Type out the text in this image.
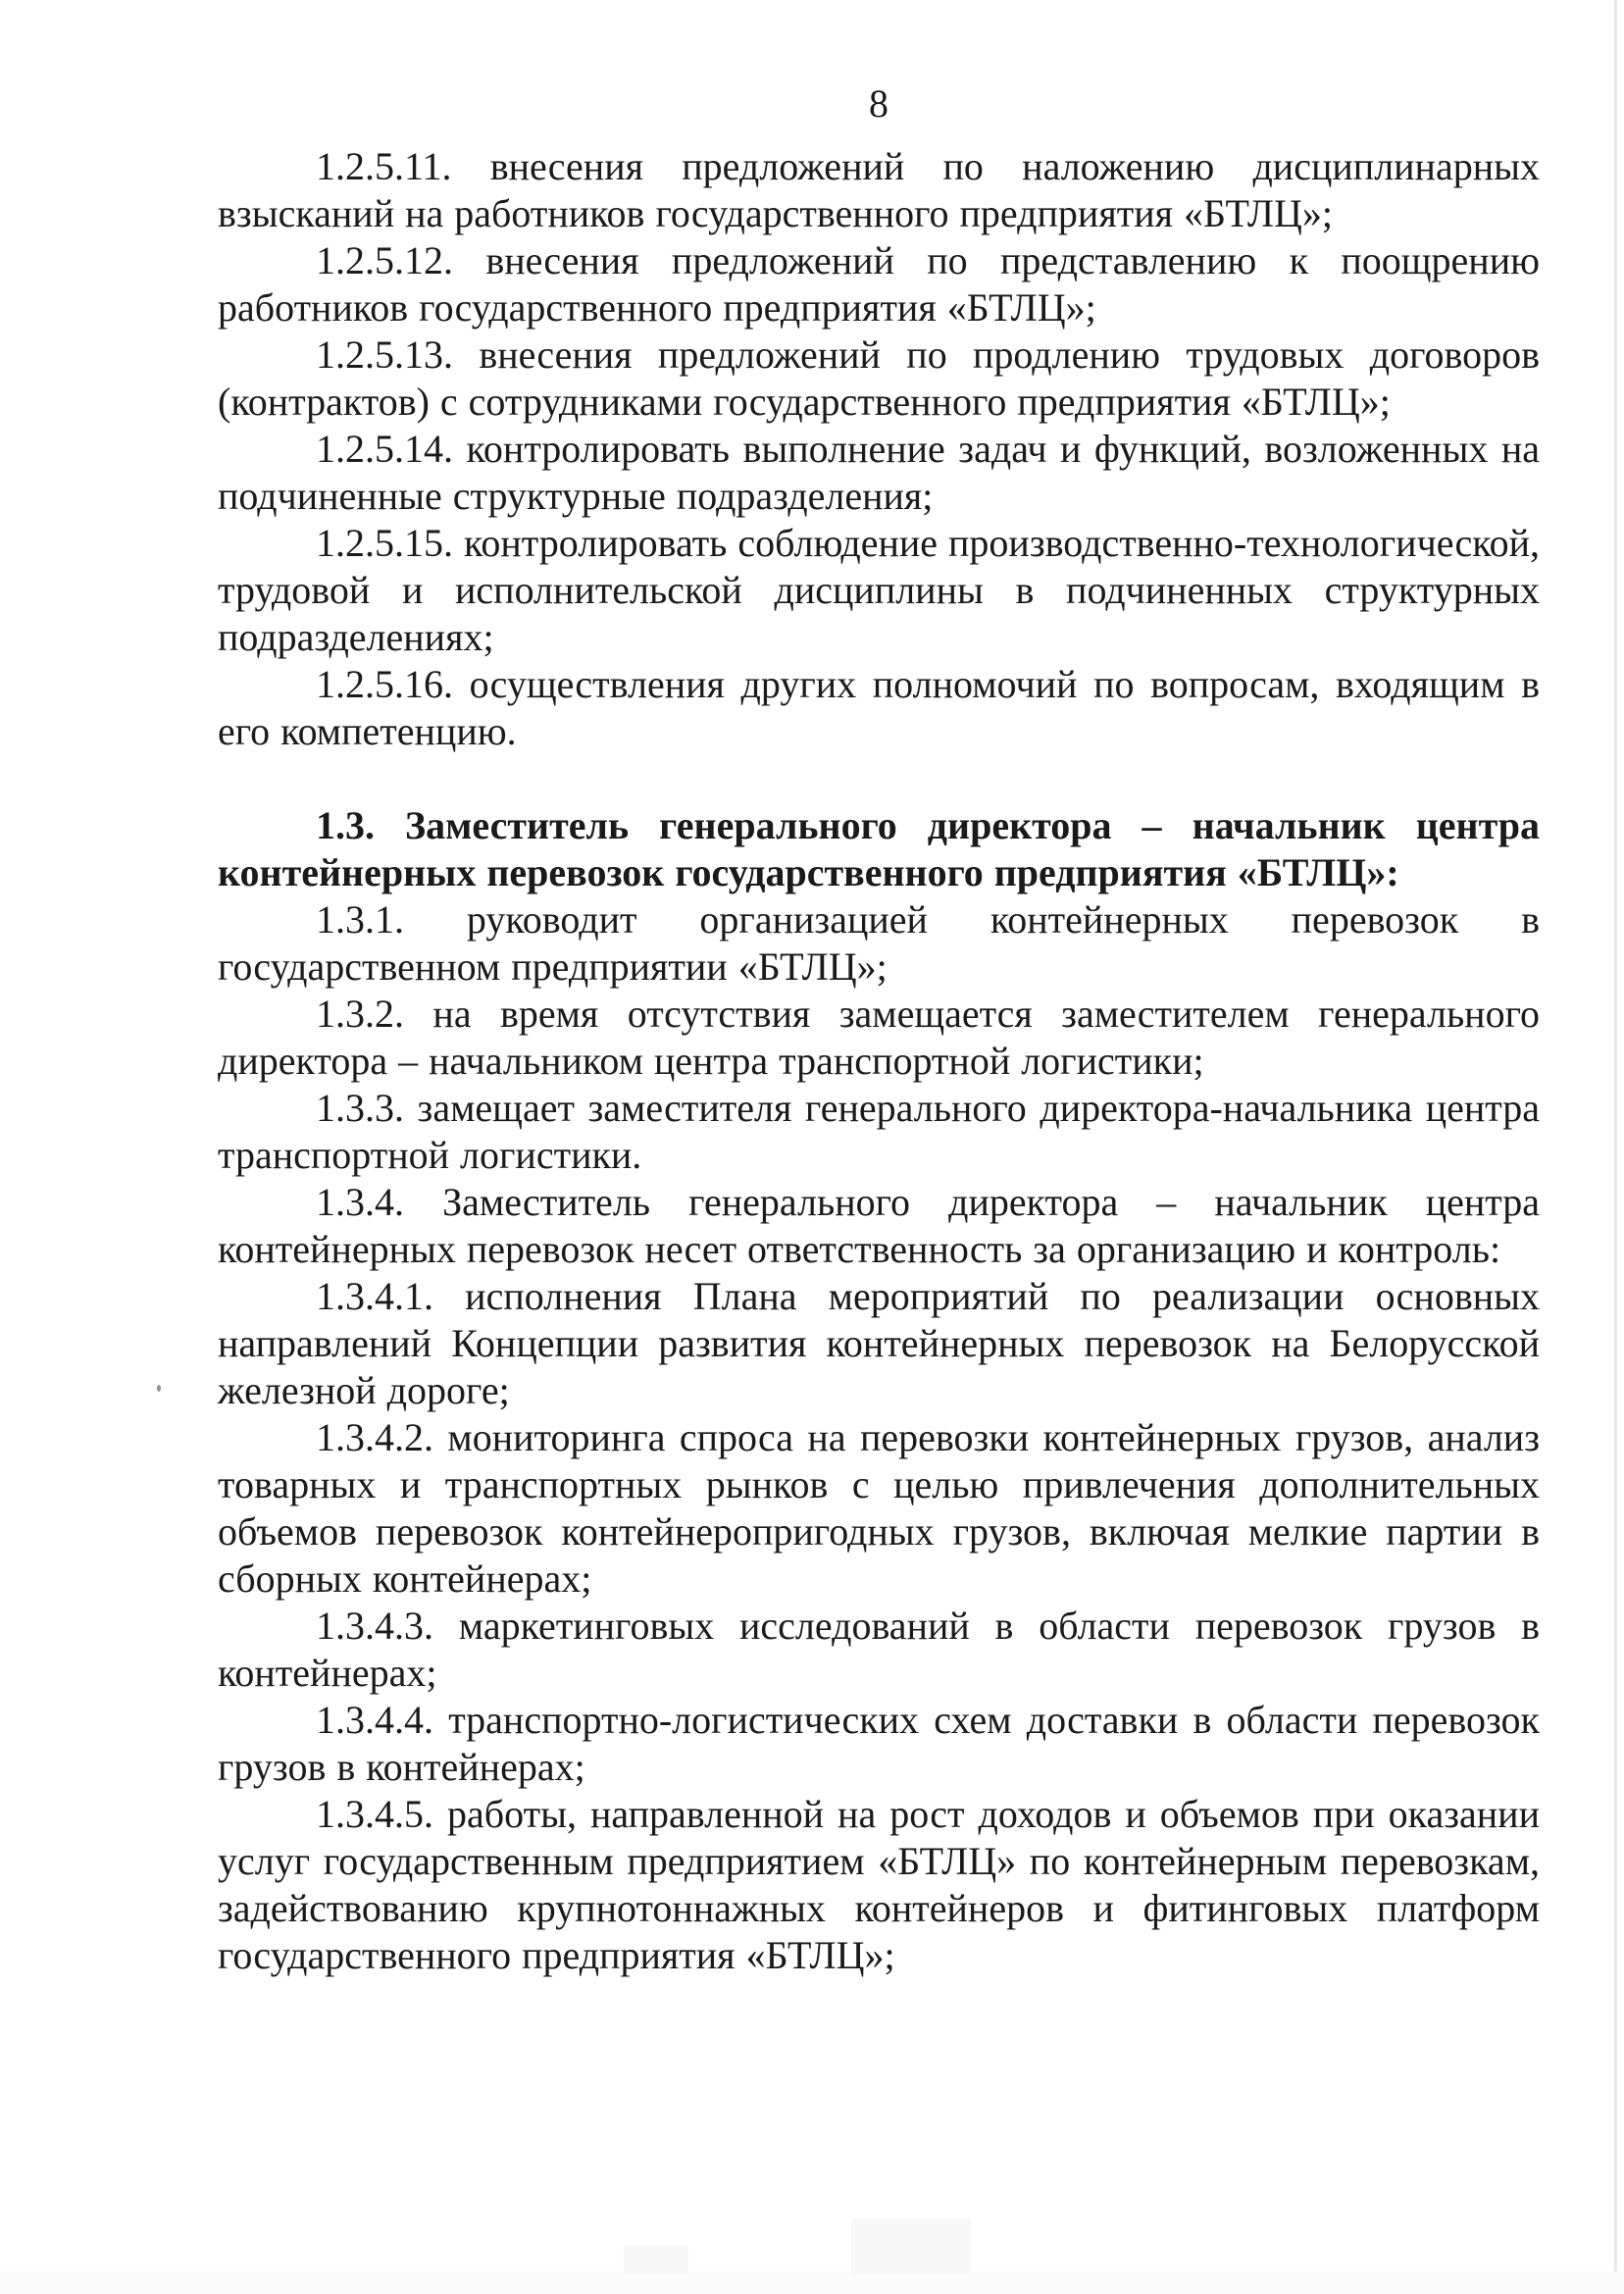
8

1.2.5.11. внесения предложений по наложению дисциплинарных взысканий на работников государственного предприятия «БТЛЦ»;

1.2.5.12. внесения предложений по представлению к поощрению работников государственного предприятия «БТЛЦ»;

1.2.5.13. внесения предложений по продлению трудовых договоров (контрактов) с сотрудниками государственного предприятия «БТЛЦ»;

1.2.5.14. контролировать выполнение задач и функций, возложенных на подчиненные структурные подразделения;

1.2.5.15. контролировать соблюдение производственно-технологической, трудовой и исполнительской дисциплины в подчиненных структурных подразделениях;

1.2.5.16. осуществления других полномочий по вопросам, входящим в его компетенцию.

1.3. Заместитель генерального директора – начальник центра контейнерных перевозок государственного предприятия «БТЛЦ»:

1.3.1. руководит организацией контейнерных перевозок в государственном предприятии «БТЛЦ»;

1.3.2. на время отсутствия замещается заместителем генерального директора – начальником центра транспортной логистики;

1.3.3. замещает заместителя генерального директора-начальника центра транспортной логистики.

1.3.4. Заместитель генерального директора – начальник центра контейнерных перевозок несет ответственность за организацию и контроль:

1.3.4.1. исполнения Плана мероприятий по реализации основных направлений Концепции развития контейнерных перевозок на Белорусской железной дороге;

1.3.4.2. мониторинга спроса на перевозки контейнерных грузов, анализ товарных и транспортных рынков с целью привлечения дополнительных объемов перевозок контейнеропригодных грузов, включая мелкие партии в сборных контейнерах;

1.3.4.3. маркетинговых исследований в области перевозок грузов в контейнерах;

1.3.4.4. транспортно-логистических схем доставки в области перевозок грузов в контейнерах;

1.3.4.5. работы, направленной на рост доходов и объемов при оказании услуг государственным предприятием «БТЛЦ» по контейнерным перевозкам, задействованию крупнотоннажных контейнеров и фитинговых платформ государственного предприятия «БТЛЦ»;
